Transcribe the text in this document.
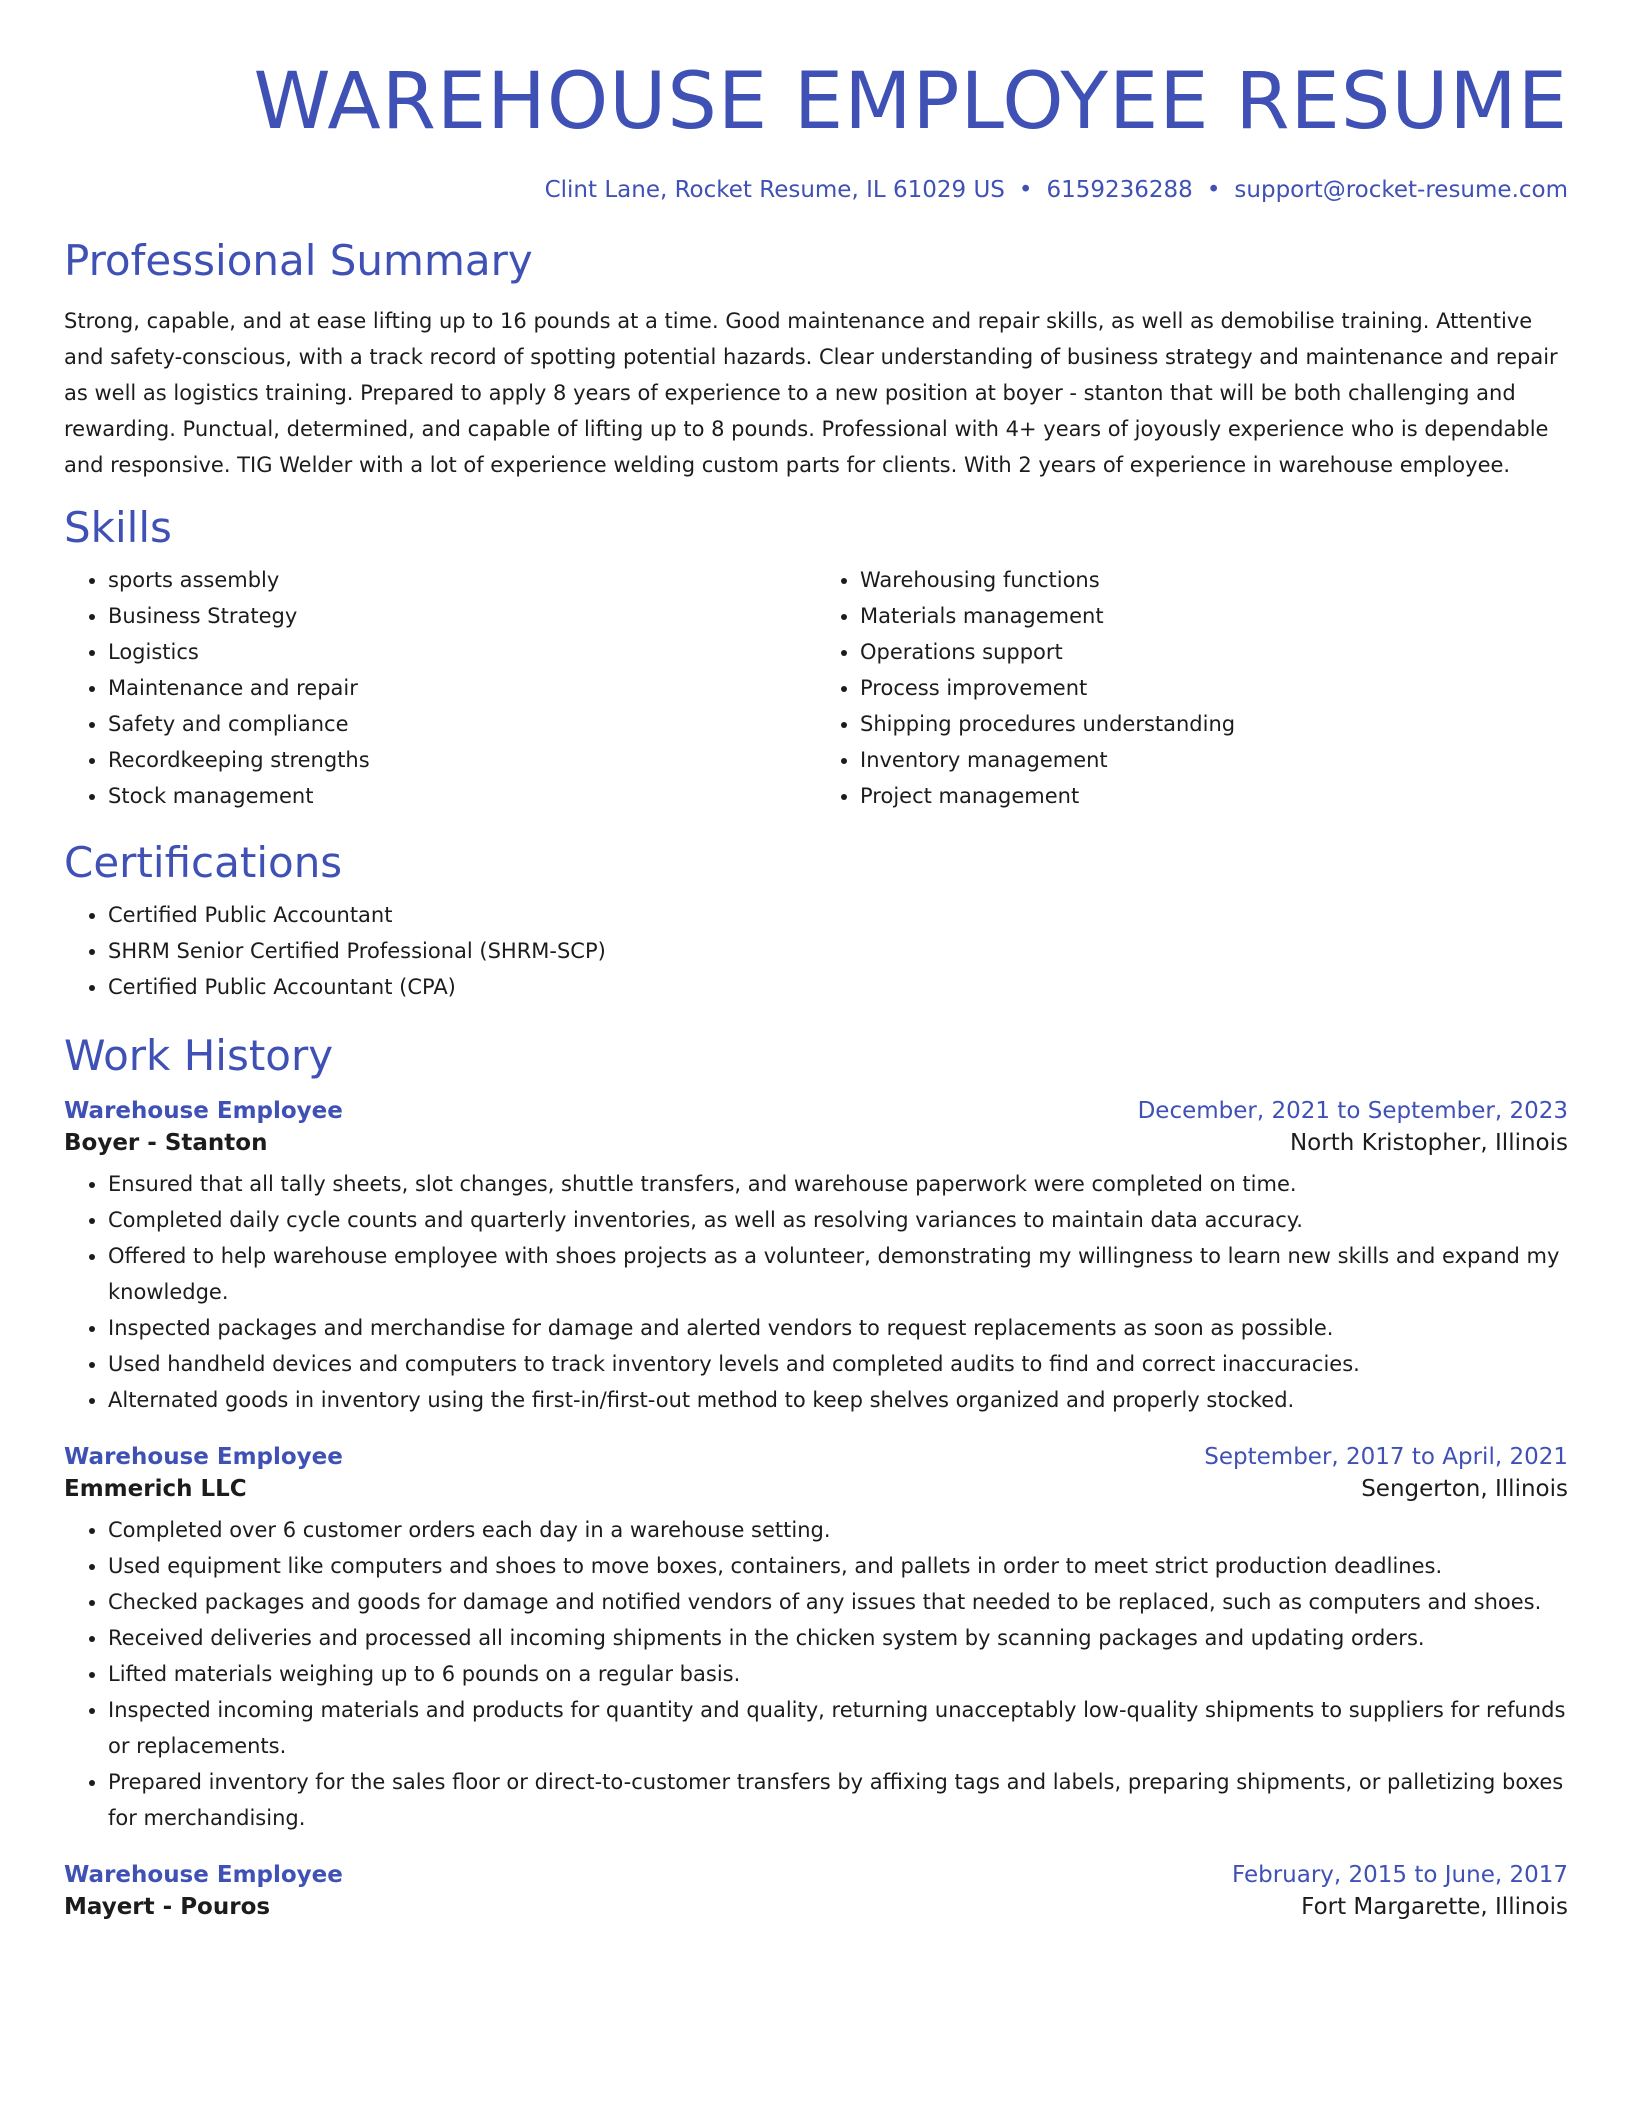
WAREHOUSE EMPLOYEE RESUME
Clint Lane, Rocket Resume, IL 61029 US • 6159236288 • support@rocket-resume.com
Professional Summary

Strong, capable, and at ease lifting up to 16 pounds at a time. Good maintenance and repair skills, as well as demobilise training. Attentive and safety-conscious, with a track record of spotting potential hazards. Clear understanding of business strategy and maintenance and repair as well as logistics training. Prepared to apply 8 years of experience to a new position at boyer - stanton that will be both challenging and rewarding. Punctual, determined, and capable of lifting up to 8 pounds. Professional with 4+ years of joyously experience who is dependable and responsive. TIG Welder with a lot of experience welding custom parts for clients. With 2 years of experience in warehouse employee.

Skills
• sports assembly
• Business Strategy
• Logistics
• Maintenance and repair
• Safety and compliance
• Recordkeeping strengths
• Stock management
• Warehousing functions
• Materials management
• Operations support
• Process improvement
• Shipping procedures understanding
• Inventory management
• Project management
Certifications
• Certified Public Accountant
• SHRM Senior Certified Professional (SHRM-SCP)
• Certified Public Accountant (CPA)
Work History
Warehouse Employee	December, 2021 to September, 2023
Boyer - Stanton	North Kristopher, Illinois
• Ensured that all tally sheets, slot changes, shuttle transfers, and warehouse paperwork were completed on time.
• Completed daily cycle counts and quarterly inventories, as well as resolving variances to maintain data accuracy.
• Offered to help warehouse employee with shoes projects as a volunteer, demonstrating my willingness to learn new skills and expand my knowledge.
• Inspected packages and merchandise for damage and alerted vendors to request replacements as soon as possible.
• Used handheld devices and computers to track inventory levels and completed audits to find and correct inaccuracies.
• Alternated goods in inventory using the first-in/first-out method to keep shelves organized and properly stocked.
Warehouse Employee	September, 2017 to April, 2021
Emmerich LLC	Sengerton, Illinois
• Completed over 6 customer orders each day in a warehouse setting.
• Used equipment like computers and shoes to move boxes, containers, and pallets in order to meet strict production deadlines.
• Checked packages and goods for damage and notified vendors of any issues that needed to be replaced, such as computers and shoes.
• Received deliveries and processed all incoming shipments in the chicken system by scanning packages and updating orders.
• Lifted materials weighing up to 6 pounds on a regular basis.
• Inspected incoming materials and products for quantity and quality, returning unacceptably low-quality shipments to suppliers for refunds or replacements.
• Prepared inventory for the sales floor or direct-to-customer transfers by affixing tags and labels, preparing shipments, or palletizing boxes for merchandising.
Warehouse Employee	February, 2015 to June, 2017
Mayert - Pouros	Fort Margarette, Illinois
